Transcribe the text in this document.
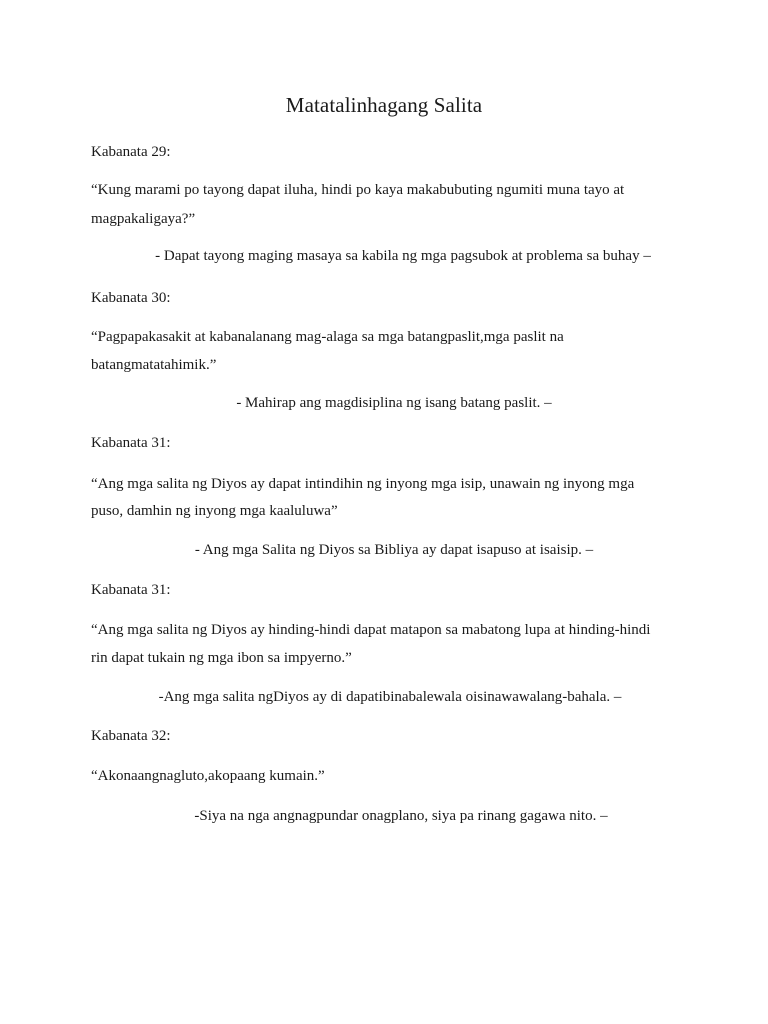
Matatalinhagang Salita
Kabanata 29:
“Kung marami po tayong dapat iluha, hindi po kaya makabubuting ngumiti muna tayo at
magpakaligaya?”
- Dapat tayong maging masaya sa kabila ng mga pagsubok at problema sa buhay –
Kabanata 30:
“Pagpapakasakit at kabanalanang mag-alaga sa mga batangpaslit,mga paslit na
batangmatatahimik.”
- Mahirap ang magdisiplina ng isang batang paslit. –
Kabanata 31:
“Ang mga salita ng Diyos ay dapat intindihin ng inyong mga isip, unawain ng inyong mga
puso, damhin ng inyong mga kaaluluwa”
- Ang mga Salita ng Diyos sa Bibliya ay dapat isapuso at isaisip. –
Kabanata 31:
“Ang mga salita ng Diyos ay hinding-hindi dapat matapon sa mabatong lupa at hinding-hindi
rin dapat tukain ng mga ibon sa impyerno.”
-Ang mga salita ngDiyos ay di dapatibinabalewala oisinawawalang-bahala. –
Kabanata 32:
“Akonaangnagluto,akopaang kumain.”
-Siya na nga angnagpundar onagplano, siya pa rinang gagawa nito. –
